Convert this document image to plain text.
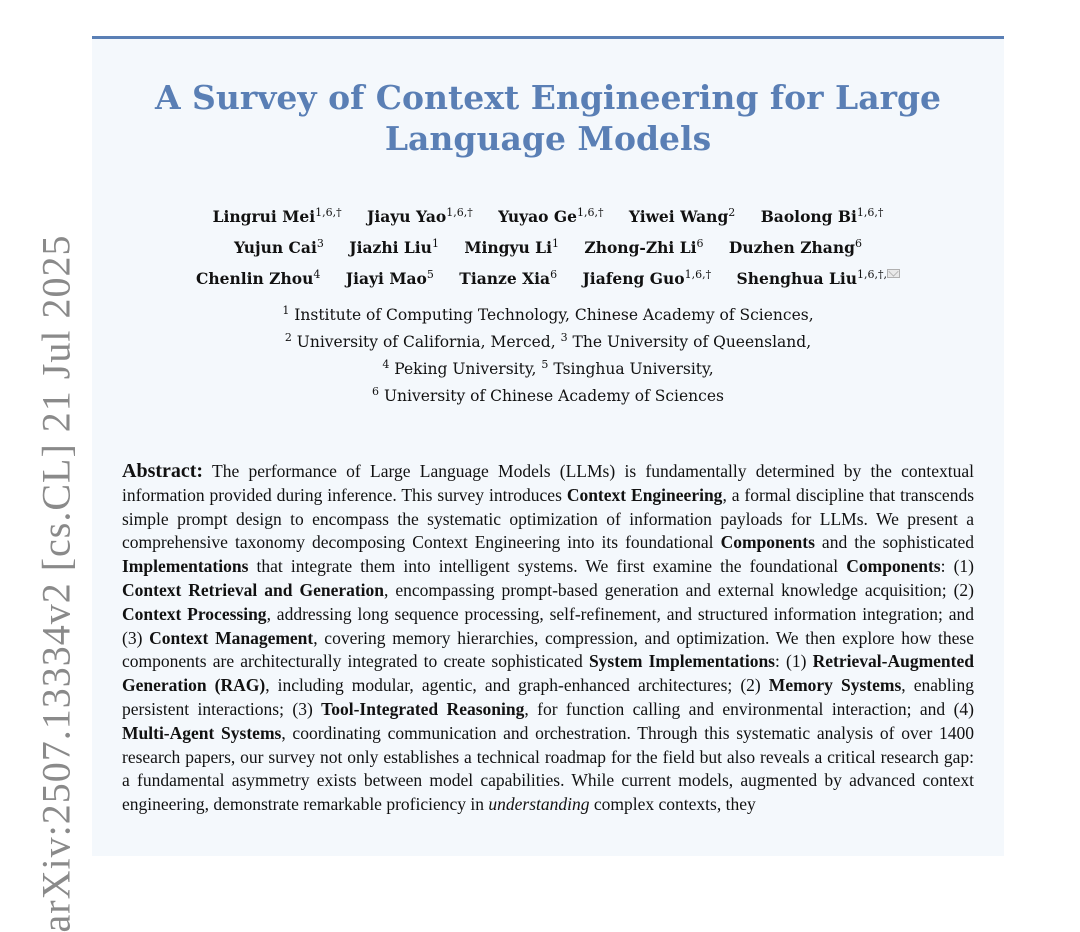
arXiv:2507.13334v2 [cs.CL] 21 Jul 2025
A Survey of Context Engineering for Large Language Models
Lingrui Mei$^{1,6,\dagger}$ Jiayu Yao$^{1,6,\dagger}$ Yuyao $Ge^{1,6,\dagger}$ Yiwei Wang$^2$ Baolong $Bi^{1,6,\dagger}$
Yujun Cai$^3$ Jiazhi Liu$^1$ Mingyu Li$^1$ Zhong-Zhi Li$^6$ Duzhen Zhang$^6$
Chenlin Zhou$^4$ Jiayi Mao$^5$ Tianze Xia$^6$ Jiafeng Guo$^{1,6,\dagger}$ Shenghua Liu$^{1,6,\dagger,}$
$^1$ Institute of Computing Technology, Chinese Academy of Sciences,
$^2$ University of California, Merced, $^3$ The University of Queensland,
$^4$ Peking University, $^5$ Tsinghua University,
$^6$ University of Chinese Academy of Sciences

Abstract: The performance of Large Language Models (LLMs) is fundamentally determined by the contextual information provided during inference. This survey introduces Context Engineering, a formal discipline that transcends simple prompt design to encompass the systematic optimization of information payloads for LLMs. We present a comprehensive taxonomy decomposing Context Engineering into its foundational Components and the sophisticated Implementations that integrate them into intelligent systems. We first examine the foundational Components: (1) Context Retrieval and Generation, encompassing prompt-based generation and external knowledge acquisition; (2) Context Processing, addressing long sequence processing, self-refinement, and structured information integration; and (3) Context Management, covering memory hierarchies, compression, and optimization. We then explore how these components are architecturally integrated to create sophisticated System Implementations: (1) Retrieval-Augmented Generation (RAG), including modular, agentic, and graph-enhanced architectures; (2) Memory Systems, enabling persistent interactions; (3) Tool-Integrated Reasoning, for function calling and environmental interaction; and (4) Multi-Agent Systems, coordinating communication and orchestration. Through this systematic analysis of over 1400 research papers, our survey not only establishes a technical roadmap for the field but also reveals a critical research gap: a fundamental asymmetry exists between model capabilities. While current models, augmented by advanced context engineering, demonstrate remarkable proficiency in understanding complex contexts, they
